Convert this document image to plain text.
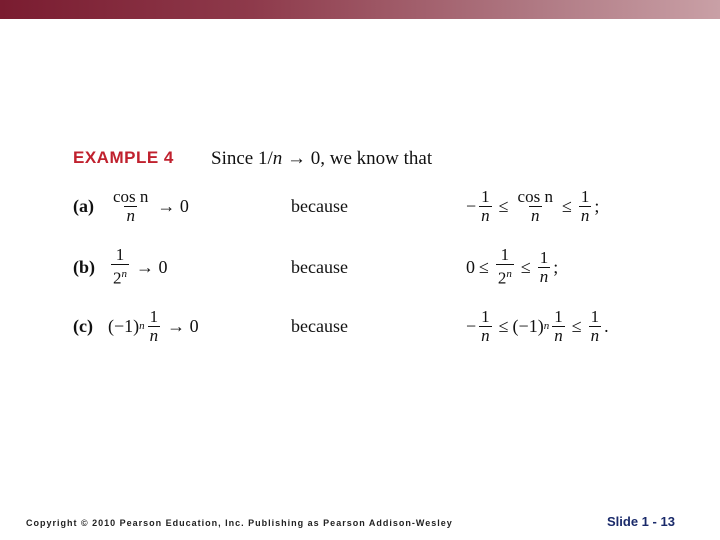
EXAMPLE 4 Since 1/n → 0, we know that
$(a) \frac{\text{cos n}}{n} \to 0$	because	− $\frac{1}{n} \le \frac{\text{cos n}}{n} \le \frac{1}{n}$ ;
$(b) \frac{1}{2^n} \to 0$	because	$0 \le \frac{1}{2^n} \le \frac{1}{n}$ ;
(c) (−1) n $\frac{1}{n} \to 0$	because	− $\frac{1}{n} \le (-1)$ n $\frac{1}{n} \le \frac{1}{n}$ .
Copyright © 2010 Pearson Education, Inc. Publishing as Pearson Addison-Wesley	Slide 1 - 13
